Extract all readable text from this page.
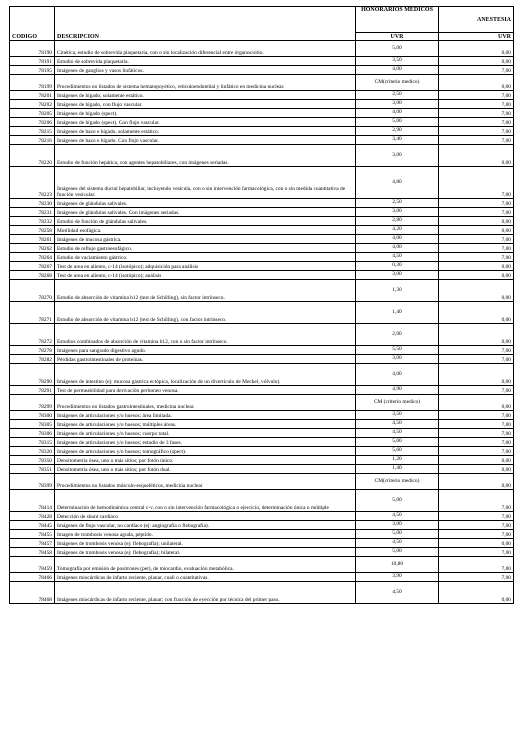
CODIGO	DESCRIPCION	HONORARIOS MEDICOS	ANESTESIA
		UVR	UVR
78190	Cinética, estudio de sobrevida plaquetaria, con o sin localización diferencial entre órganos/sitio.	5,00	0,00
78191	Estudio de sobrevida plaquetaria.	3,50	0,00
78195	Imágenes de ganglios y vasos linfáticos.	4,00	7,00
78199	Procedimientos no listados de sistema hematopoyético, reticuloendotelial y linfático en medicina nuclear.	CM(criterio medico)	0,00
78201	Imágenes de hígado, solamente estático.	2,50	7,00
78202	Imágenes de hígado, con flujo vascular.	3,00	7,00
78205	Imágenes de hígado (spect).	4,00	7,00
78206	Imágenes de hígado (spect). Con flujo vascular.	5,00	7,00
78215	Imágenes de bazo e hígado, solamente estático.	2,90	7,00
78216	Imágenes de bazo e hígado. Con flujo vascular.	3,40	7,00
78220	Estudio de función hepática, con agentes hepatobiliares, con imágenes seriadas.	3,00	0,00
78223	Imágenes del sistema ductal hepatobiliar, incluyendo vesícula, con o sin intervención farmacológica, con o sin medida cuantitativa de función vesicular.	4,80	7,00
78230	Imágenes de glándulas salivales.	2,50	7,00
78231	Imágenes de glándulas salivales. Con imágenes seriadas.	3,00	7,00
78232	Estudio de función de glándulas salivales.	2,80	0,00
78258	Motilidad esofágica.	4,20	0,00
78261	Imágenes de mucosa gástrica.	4,00	7,00
78262	Estudio de reflujo gastroesofágico.	4,00	7,00
78264	Estudio de vaciamiento gástrico.	4,50	7,00
78267	Test de urea en aliento, c-14 (isotópico); adquisición para análisis	0,30	0,00
78268	Test de urea en aliento, c-14 (isotópico); análisis	3,00	0,00
78270	Estudio de absorción de vitamina b12 (test de Schilling), sin factor intrínseco.	1,30	0,00
78271	Estudio de absorción de vitamina b12 (test de Schilling), con factor intrínseco.	1,40	0,00
78272	Estudios combinados de absorción de vitamina b12, con o sin factor intrínseco.	2,00	0,00
78278	Imágenes para sangrado digestivo agudo.	5,50	7,00
78282	Pérdidas gastrointestinales de proteínas.	3,00	7,00
78290	Imágenes de intestino (ej: mucosa gástrica ectópica, localización de un divertículo de Meckel, vólvulo).	4,00	0,00
78291	Test de permeabilidad para derivación peritoneo venosa.	4,90	7,00
78299	Procedimientos no listados gastrointestinales, medicina nuclear.	CM (criterio medico)	0,00
78300	Imágenes de articulaciones y/o huesos; área limitada.	3,50	7,00
78305	Imágenes de articulaciones y/o huesos; múltiples áreas.	4,50	7,00
78306	Imágenes de articulaciones y/o huesos; cuerpo total.	4,50	7,00
78315	Imágenes de articulaciones y/o huesos; estudio de 3 fases.	5,00	7,00
78320	Imágenes de articulaciones y/o huesos; tomográfico (spect).	5,60	7,00
78350	Densitometría ósea, uno o más sitios; por fotón único.	1,20	0,00
78351	Densitometría ósea, uno o más sitios; por fotón dual.	1,40	0,00
78399	Procedimientos no listados músculo-esqueléticos, medicina nuclear	CM(criterio medico)	0,00
78414	Determinación de hemodinámica central c-v, con o sin intervención farmacológica o ejercicio, determinación única o múltiple	5,00	7,00
78428	Detección de shunt cardíaco	4,50	7,00
78445	Imágenes de flujo vascular, no cardíaco (ej: angiografía o flebografía).	3,00	7,00
78455	Imagen de trombosis venosa aguda, péptido.	5,00	7,00
78457	Imágenes de trombosis venosa (ej: flebografía); unilateral.	4,50	0,00
78458	Imágenes de trombosis venosa (ej: flebografía); bilateral.	5,00	7,00
78459	Tomografía por emisión de positrones (pet), de miocardio, evaluación metabólica.	10,80	7,00
78466	Imágenes miocárdicas de infarto reciente, planar, cuali o cuantitativas.	3,90	7,00
78468	Imágenes miocárdicas de infarto reciente, planar; con fracción de eyección por técnica del primer paso.	4,50	0,00
